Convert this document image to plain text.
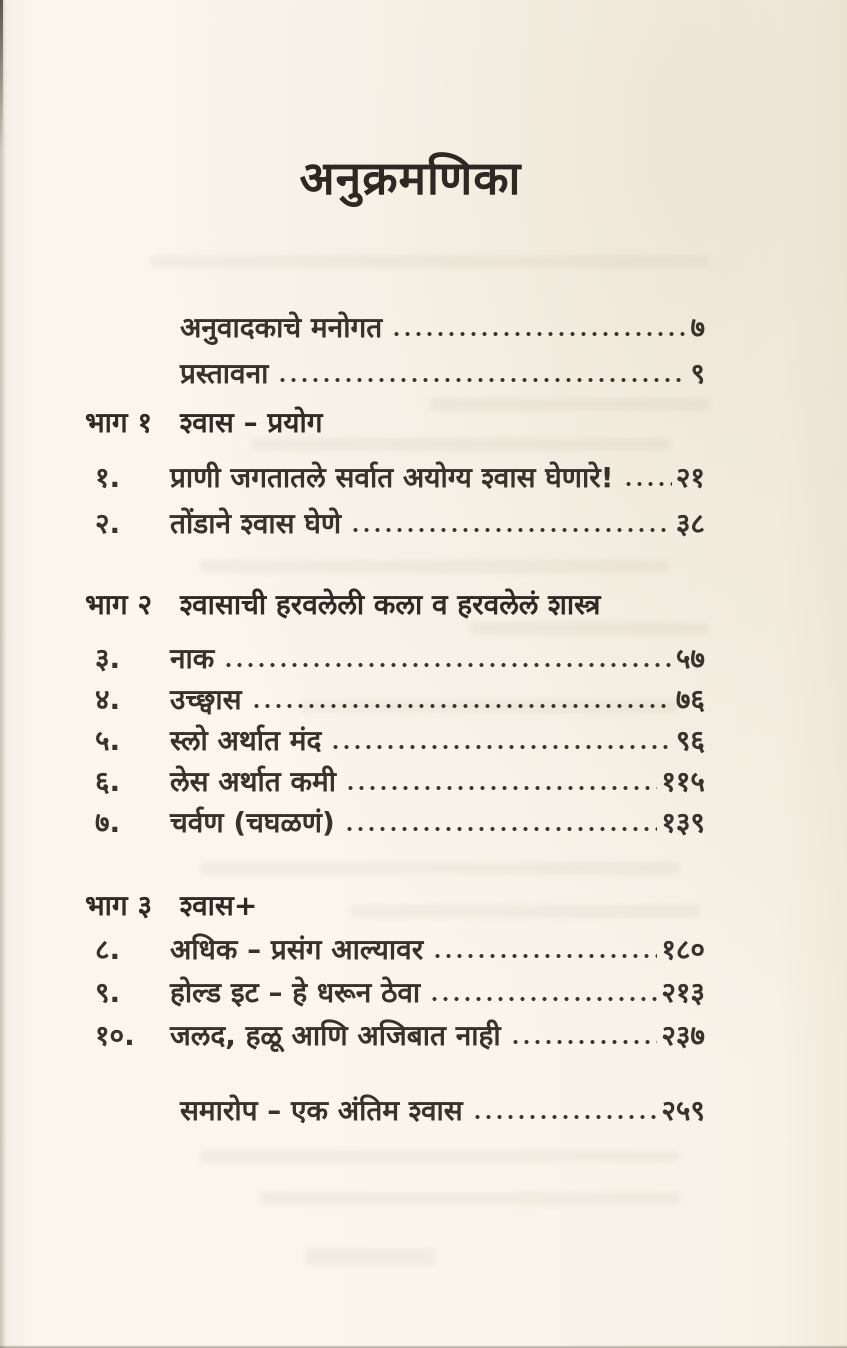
अनुक्रमणिका
अनुवादकाचे मनोगत	७
प्रस्तावना	९
भाग १ श्वास – प्रयोग
१.	प्राणी जगतातले सर्वात अयोग्य श्वास घेणारे! २१
२.	तोंडाने श्वास घेणे	३८
भाग २ श्वासाची हरवलेली कला व हरवलेलं शास्त्र
३.	नाक	५७
४.	उच्छ्वास	७६
५.	स्लो अर्थात मंद	९६
६.	लेस अर्थात कमी	११५
७.	चर्वण (चघळणं)	१३९
भाग ३ श्वास+
८.	अधिक – प्रसंग आल्यावर	१८०
९.	होल्ड इट – हे धरून ठेवा	२१३
१०.	जलद, हळू आणि अजिबात नाही	२३७
समारोप – एक अंतिम श्वास	२५९
